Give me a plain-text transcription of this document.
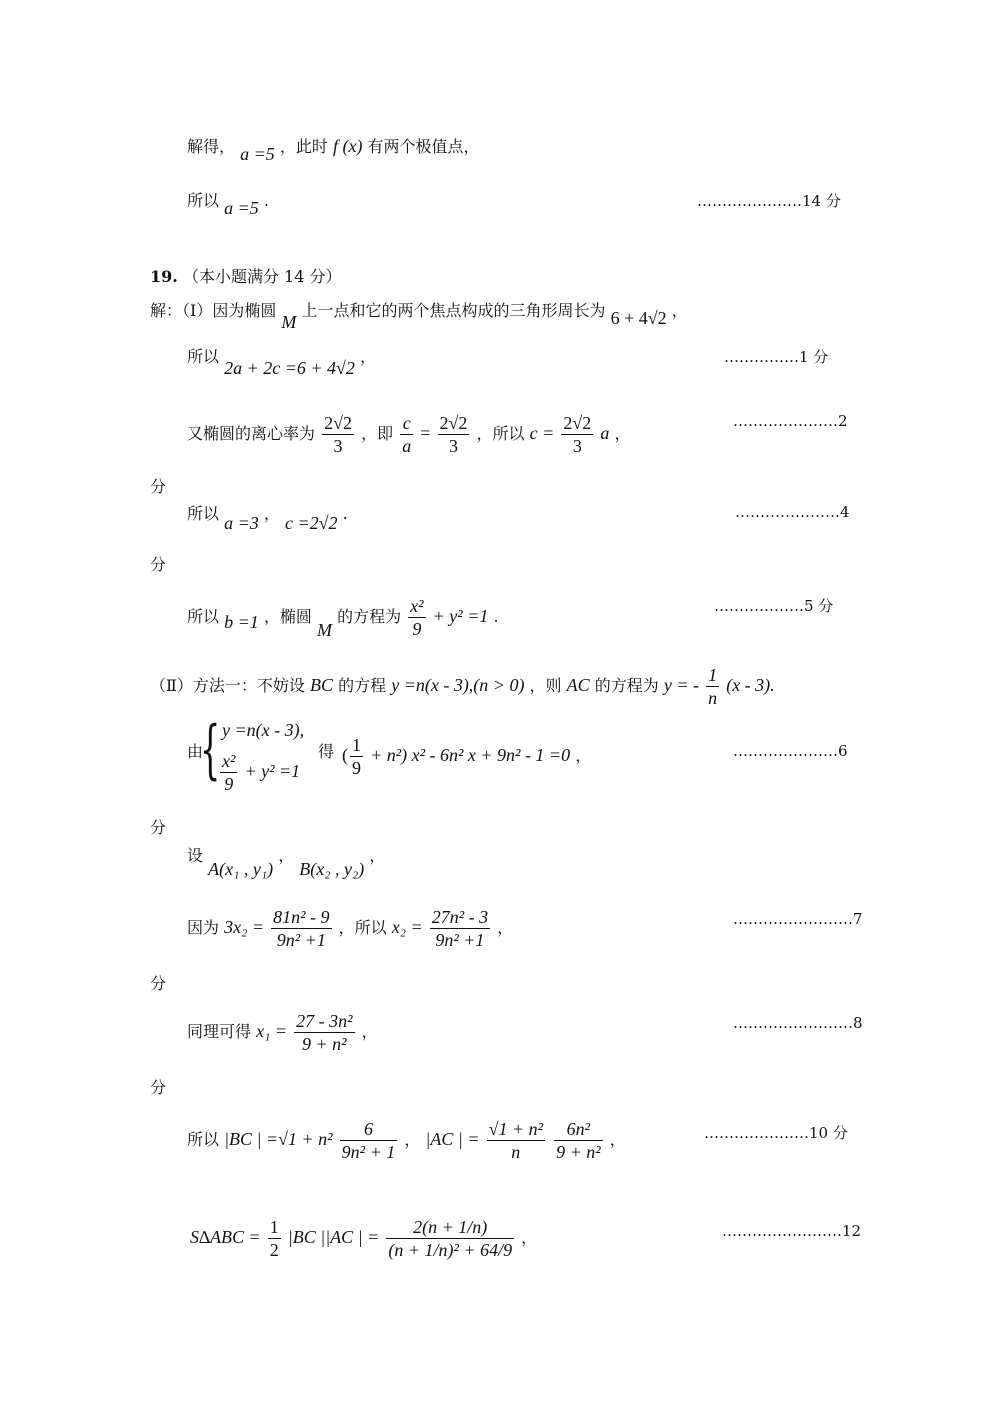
解得， a =5 ，此时 f (x) 有两个极值点，
所以 a =5 .	…………………14 分
19. （本小题满分 14 分）
解：（Ⅰ）因为椭圆 M 上一点和它的两个焦点构成的三角形周长为 6 + 4√2 ，
所以 2a + 2c =6 + 4√2 ，	……………1 分
又椭圆的离心率为 $\frac{2√2}{3}$ ，即 $\frac{c}{a} = \frac{2√2}{3}$ ，所以 $c = \frac{2√2}{3}$ a ，
…………………2
分
所以 a =3 ， c =2√2 .	…………………4
分
所以 b =1 ，椭圆 M 的方程为 $\frac{\text{x²}}{9} + y^2 =1$ .
………………5 分
（Ⅱ）方法一：不妨设 BC 的方程 y =n(x - 3),(n > 0) ，则 AC 的方程为 y = - $\frac{1}{n} (x - 3)$.
由
{ y =n(x - 3),
$\frac{\text{x²}}{9} + y^2 =1$
得 ( $\frac{1}{9} + n^2$) x² - 6n² x + 9n² - 1 =0 ，	…………………6
分
设 A(x₁ , y₁) ， B(x₂ , y₂) ，
因为 $3x_2 = \frac{\text{81n² - 9}}{\text{9n² +1}}$ ，所以 $x_2 = \frac{\text{27n² - 3}}{\text{9n² +1}}$ ，	……………………7
分
同理可得 $x_1 = \frac{\text{27 - 3n²}}{\text{9 + n²}}$ ，	……………………8
分
所以 |BC | $=√1 + n^2 \frac{6}{\text{9n² + 1}}$ ， |AC | = $\frac{\text{√1 + n²}}{n}$
$\frac{\text{6n²}}{\text{9 + n²}}$ ，	…………………10 分
$S\Delta ABC = \frac{1}{2} |BC$ ||AC | = $\frac{2(n + 1/n)}{\text{(n + 1/n)² + 64/9}}$ ，	……………………12
